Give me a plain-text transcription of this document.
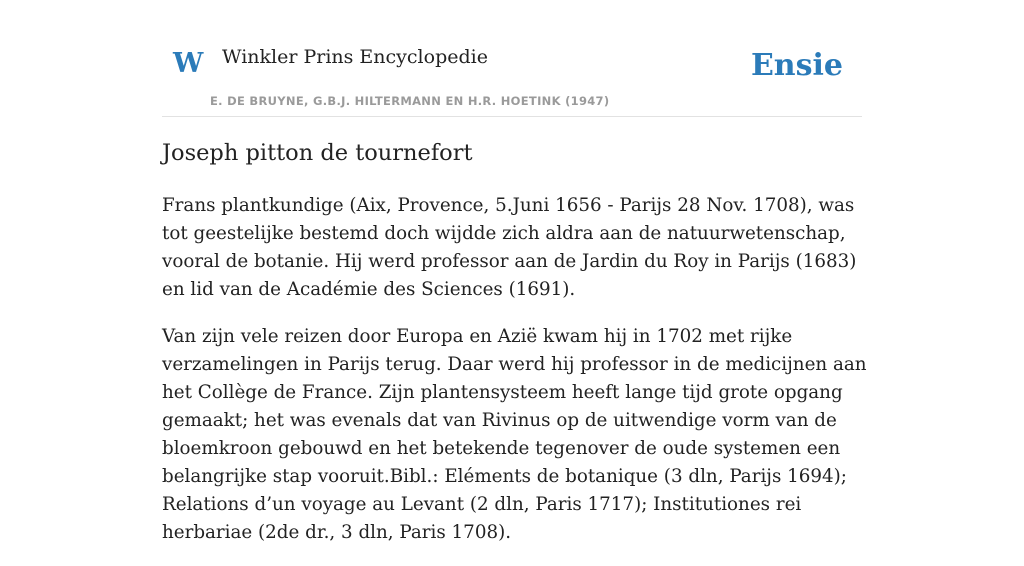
W Winkler Prins Encyclopedie
E. DE BRUYNE, G.B.J. HILTERMANN EN H.R. HOETINK (1947)
Ensie
Joseph pitton de tournefort

Frans plantkundige (Aix, Provence, 5.Juni 1656 - Parijs 28 Nov. 1708), was tot geestelijke bestemd doch wijdde zich aldra aan de natuurwetenschap, vooral de botanie. Hij werd professor aan de Jardin du Roy in Parijs (1683) en lid van de Académie des Sciences (1691).

Van zijn vele reizen door Europa en Azië kwam hij in 1702 met rijke verzamelingen in Parijs terug. Daar werd hij professor in de medicijnen aan het Collège de France. Zijn plantensysteem heeft lange tijd grote opgang gemaakt; het was evenals dat van Rivinus op de uitwendige vorm van de bloemkroon gebouwd en het betekende tegenover de oude systemen een belangrijke stap vooruit.Bibl.: Eléments de botanique (3 dln, Parijs 1694); Relations d’un voyage au Levant (2 dln, Paris 1717); Institutiones rei herbariae (2de dr., 3 dln, Paris 1708).
